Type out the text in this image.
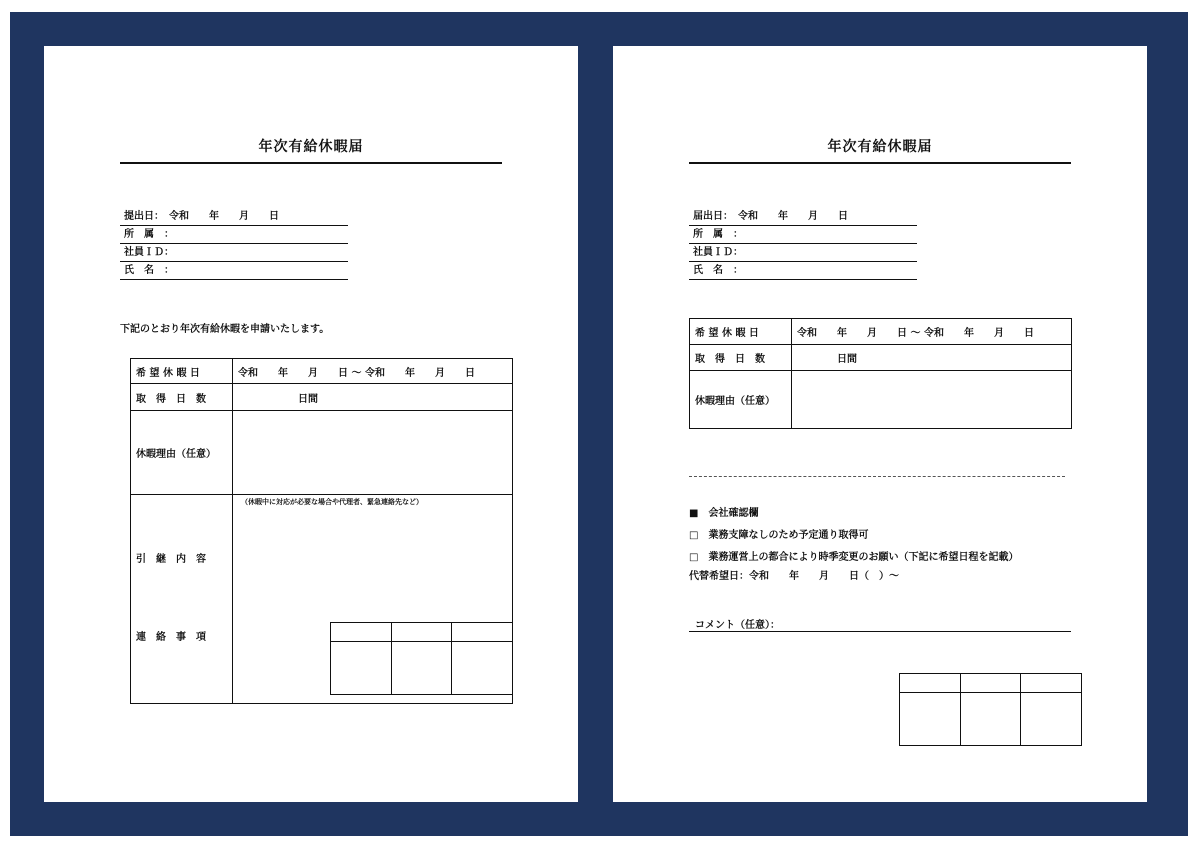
年次有給休暇届
提出日：　令和　　年　　月　　日
所　属　：
社員ＩＤ：
氏　名　：
下記のとおり年次有給休暇を申請いたします。
希 望 休 暇 日	令和　　年　　月　　日 ～ 令和　　年　　月　　日
取　得　日　数	　　　　　　日間
休暇理由（任意）	

引　継　内　容

連　絡　事　項	（休暇中に対応が必要な場合や代理者、緊急連絡先など）

年次有給休暇届
届出日：　令和　　年　　月　　日
所　属　：
社員ＩＤ：
氏　名　：
希 望 休 暇 日	令和　　年　　月　　日 ～ 令和　　年　　月　　日
取　得　日　数	　　　　日間
休暇理由（任意）	
■　会社確認欄
□　業務支障なしのため予定通り取得可
□　業務運営上の都合により時季変更のお願い（下記に希望日程を記載）
代替希望日：令和　　年　　月　　日（　）～
コメント（任意）：
